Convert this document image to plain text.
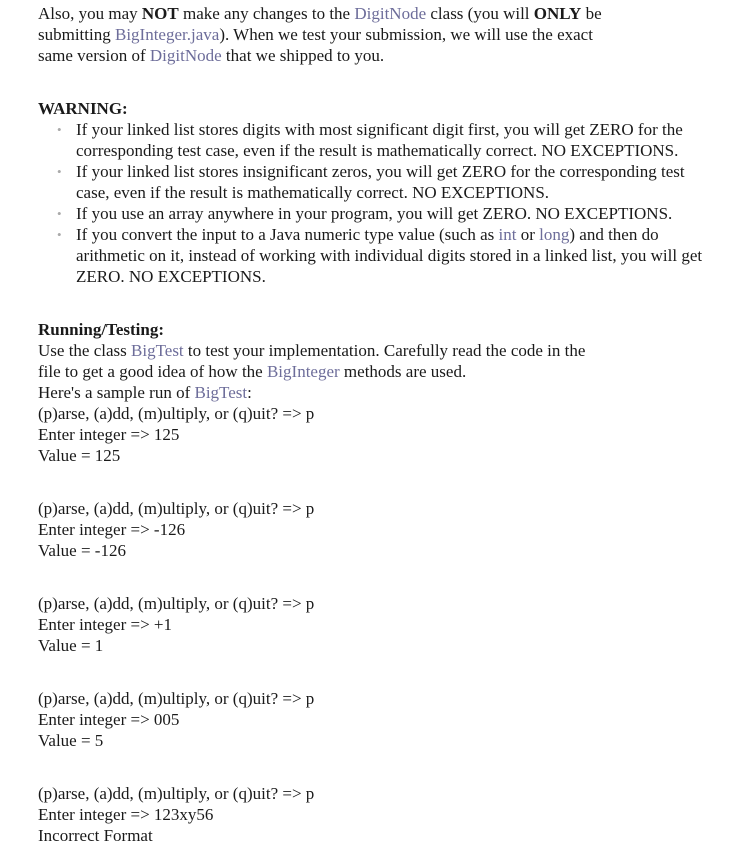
Also, you may NOT make any changes to the DigitNode class (you will ONLY be
submitting BigInteger.java). When we test your submission, we will use the exact
same version of DigitNode that we shipped to you.

WARNING:
• If your linked list stores digits with most significant digit first, you will get ZERO for the corresponding test case, even if the result is mathematically correct. NO EXCEPTIONS.
• If your linked list stores insignificant zeros, you will get ZERO for the corresponding test case, even if the result is mathematically correct. NO EXCEPTIONS.
• If you use an array anywhere in your program, you will get ZERO. NO EXCEPTIONS.
• If you convert the input to a Java numeric type value (such as int or long) and then do arithmetic on it, instead of working with individual digits stored in a linked list, you will get ZERO. NO EXCEPTIONS.
Running/Testing:

Use the class BigTest to test your implementation. Carefully read the code in the
file to get a good idea of how the BigInteger methods are used.
Here's a sample run of BigTest:

(p)arse, (a)dd, (m)ultiply, or (q)uit? => p

Enter integer => 125

Value = 125

(p)arse, (a)dd, (m)ultiply, or (q)uit? => p

Enter integer => -126

Value = -126

(p)arse, (a)dd, (m)ultiply, or (q)uit? => p

Enter integer => +1

Value = 1

(p)arse, (a)dd, (m)ultiply, or (q)uit? => p

Enter integer => 005

Value = 5

(p)arse, (a)dd, (m)ultiply, or (q)uit? => p

Enter integer => 123xy56

Incorrect Format
